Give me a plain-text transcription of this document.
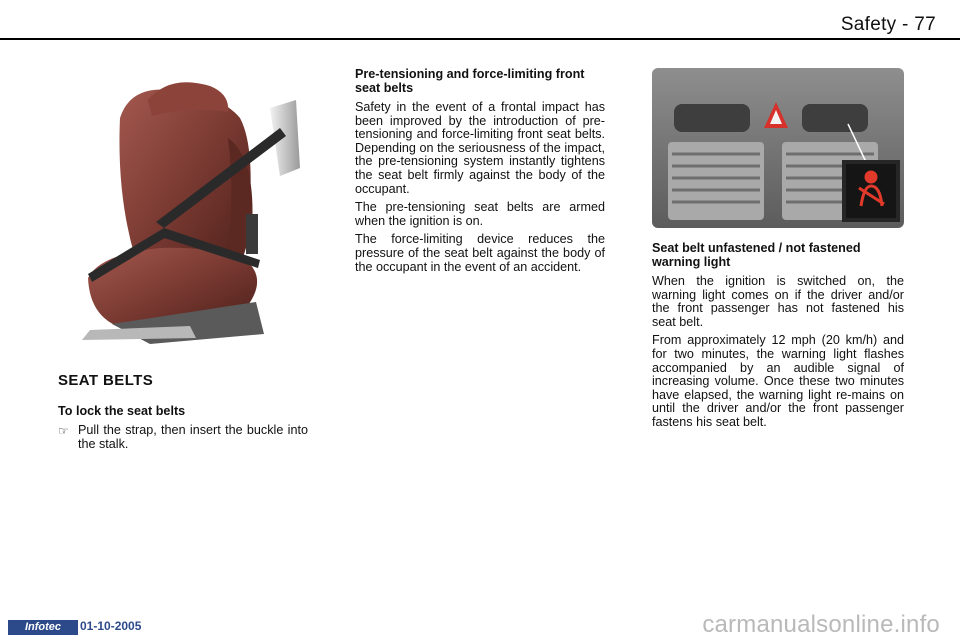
Safety - 77
SEAT BELTS
To lock the seat belts
☞ Pull the strap, then insert the buckle into the stalk.
Pre-tensioning and force-limiting front seat belts

Safety in the event of a frontal impact has been improved by the introduction of pre-tensioning and force-limiting front seat belts. Depending on the seriousness of the impact, the pre-tensioning system instantly tightens the seat belt firmly against the body of the occupant.

The pre-tensioning seat belts are armed when the ignition is on.

The force-limiting device reduces the pressure of the seat belt against the body of the occupant in the event of an accident.

Seat belt unfastened / not fastened warning light

When the ignition is switched on, the warning light comes on if the driver and/or the front passenger has not fastened his seat belt.

From approximately 12 mph (20 km/h) and for two minutes, the warning light flashes accompanied by an audible signal of increasing volume. Once these two minutes have elapsed, the warning light re-mains on until the driver and/or the front passenger fastens his seat belt.

Infotec	01-10-2005	carmanualsonline.info
